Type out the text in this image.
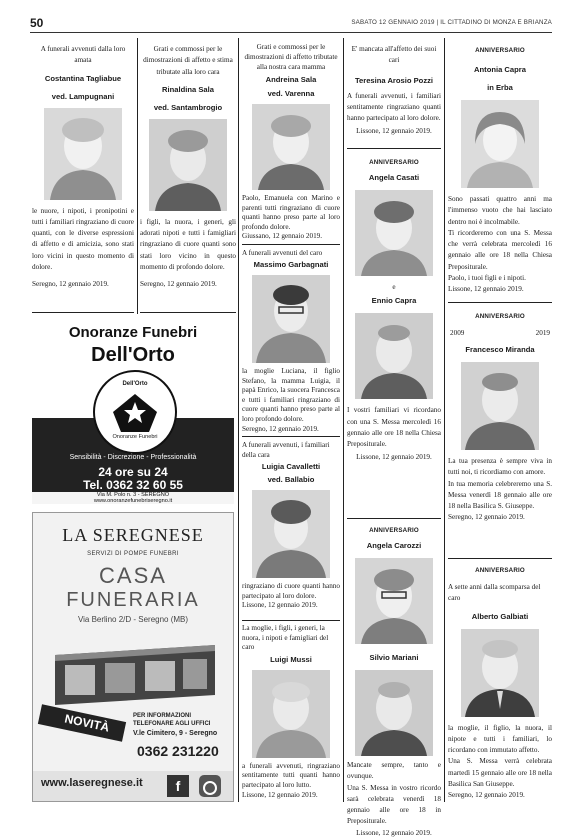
50	SABATO 12 GENNAIO 2019 | IL CITTADINO DI MONZA E BRIANZA

A funerali avvenuti dalla loro amata

Costantina Tagliabue

ved. Lampugnani

le nuore, i nipoti, i pronipotini e tutti i familiari ringraziano di cuore quanti, con le diverse espressioni di affetto e di amicizia, sono stati loro vicini in questo momento di dolore.

Seregno, 12 gennaio 2019.

Grati e commossi per le dimostrazioni di affetto e stima tributate alla loro cara

Rinaldina Sala

ved. Santambrogio

i figli, la nuora, i generi, gli adorati nipoti e tutti i famigliari ringraziano di cuore quanti sono stati loro vicino in questo momento di profondo dolore.

Seregno, 12 gennaio 2019.

Onoranze Funebri

Dell'Orto

Dell'Orto
Onoranze Funebri

Sensibilità - Discrezione - Professionalità

24 ore su 24

Tel. 0362 32 60 55

Via M. Polo n. 3 - SEREGNO

www.onoranzefunebriseregno.it

LA SEREGNESE

SERVIZI DI POMPE FUNEBRI

CASA

FUNERARIA

Via Berlino 2/D - Seregno (MB)

NOVITÀ	PER INFORMAZIONI

TELEFONARE AGLI UFFICI

V.le Cimitero, 9 - Seregno

0362 231220

www.laseregnese.it	f

Grati e commossi per le dimostrazioni di affetto tributate alla nostra cara mamma

Andreina Sala

ved. Varenna

Paolo, Emanuela con Marino e parenti tutti ringraziano di cuore quanti hanno preso parte al loro profondo dolore.

Giussano, 12 gennaio 2019.

A funerali avvenuti del caro

Massimo Garbagnati

la moglie Luciana, il figlio Stefano, la mamma Luigia, il papà Enrico, la suocera Francesca e tutti i familiari ringraziano di cuore quanti hanno preso parte al loro profondo dolore.

Seregno, 12 gennaio 2019.

A funerali avvenuti, i familiari della cara

Luigia Cavalletti

ved. Ballabio

ringraziano di cuore quanti hanno partecipato al loro dolore.

Lissone, 12 gennaio 2019.

La moglie, i figli, i generi, la nuora, i nipoti e famigliari del caro

Luigi Mussi

a funerali avvenuti, ringraziano sentitamente tutti quanti hanno partecipato al loro lutto.

Lissone, 12 gennaio 2019.

E' mancata all'affetto dei suoi cari

Teresina Arosio Pozzi

A funerali avvenuti, i familiari sentitamente ringraziano quanti hanno partecipato al loro dolore.

Lissone, 12 gennaio 2019.

ANNIVERSARIO

Angela Casati

e

Ennio Capra

I vostri familiari vi ricordano con una S. Messa mercoledì 16 gennaio alle ore 18 nella Chiesa Prepositurale.

Lissone, 12 gennaio 2019.

ANNIVERSARIO

Angela Carozzi

Silvio Mariani

Mancate sempre, tanto e ovunque.

Una S. Messa in vostro ricordo sarà celebrata venerdì 18 gennaio alle ore 18 in Prepositurale.

Lissone, 12 gennaio 2019.

ANNIVERSARIO

Antonia Capra

in Erba

Sono passati quattro anni ma l'immenso vuoto che hai lasciato dentro noi è incolmabile.

Ti ricorderemo con una S. Messa che verrà celebrata mercoledì 16 gennaio alle ore 18 nella Chiesa Prepositurale.

Paolo, i tuoi figli e i nipoti.

Lissone, 12 gennaio 2019.

ANNIVERSARIO

2009	2019

Francesco Miranda

La tua presenza è sempre viva in tutti noi, ti ricordiamo con amore.

In tua memoria celebreremo una S. Messa venerdì 18 gennaio alle ore 18 nella Basilica S. Giuseppe.

Seregno, 12 gennaio 2019.

ANNIVERSARIO

A sette anni dalla scomparsa del caro

Alberto Galbiati

la moglie, il figlio, la nuora, il nipote e tutti i familiari, lo ricordano con immutato affetto.

Una S. Messa verrà celebrata martedì 15 gennaio alle ore 18 nella Basilica San Giuseppe.

Seregno, 12 gennaio 2019.
